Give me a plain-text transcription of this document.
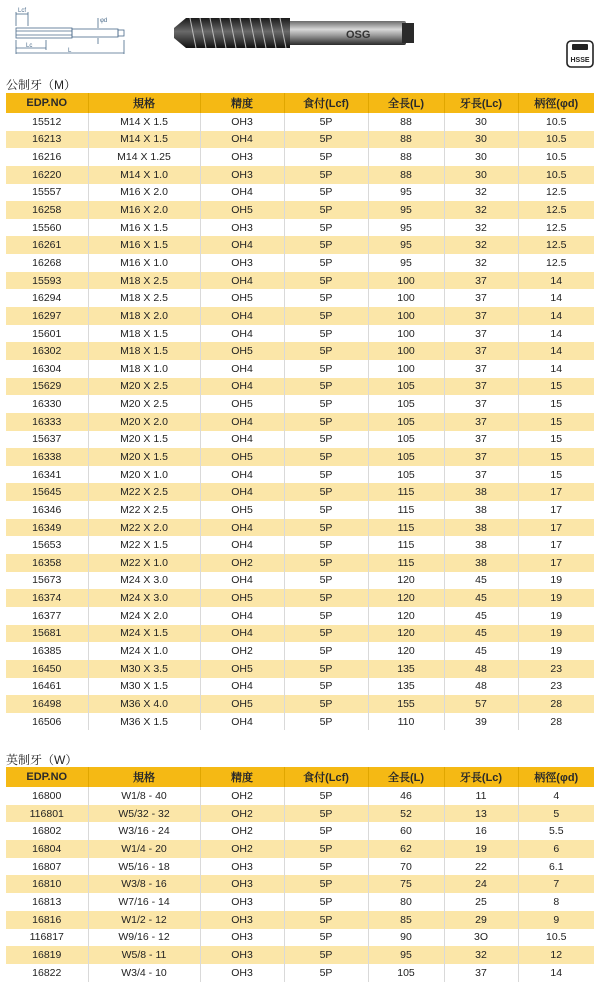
Lcf
φd
Lc
L
OSG
HSSE
公制牙（M）
EDP.NO	規格	精度	食付(Lcf)	全長(L)	牙長(Lc)	柄徑(φd)
15512	M14 X 1.5	OH3	5P	88	30	10.5
16213	M14 X 1.5	OH4	5P	88	30	10.5
16216	M14 X 1.25	OH3	5P	88	30	10.5
16220	M14 X 1.0	OH3	5P	88	30	10.5
15557	M16 X 2.0	OH4	5P	95	32	12.5
16258	M16 X 2.0	OH5	5P	95	32	12.5
15560	M16 X 1.5	OH3	5P	95	32	12.5
16261	M16 X 1.5	OH4	5P	95	32	12.5
16268	M16 X 1.0	OH3	5P	95	32	12.5
15593	M18 X 2.5	OH4	5P	100	37	14
16294	M18 X 2.5	OH5	5P	100	37	14
16297	M18 X 2.0	OH4	5P	100	37	14
15601	M18 X 1.5	OH4	5P	100	37	14
16302	M18 X 1.5	OH5	5P	100	37	14
16304	M18 X 1.0	OH4	5P	100	37	14
15629	M20 X 2.5	OH4	5P	105	37	15
16330	M20 X 2.5	OH5	5P	105	37	15
16333	M20 X 2.0	OH4	5P	105	37	15
15637	M20 X 1.5	OH4	5P	105	37	15
16338	M20 X 1.5	OH5	5P	105	37	15
16341	M20 X 1.0	OH4	5P	105	37	15
15645	M22 X 2.5	OH4	5P	115	38	17
16346	M22 X 2.5	OH5	5P	115	38	17
16349	M22 X 2.0	OH4	5P	115	38	17
15653	M22 X 1.5	OH4	5P	115	38	17
16358	M22 X 1.0	OH2	5P	115	38	17
15673	M24 X 3.0	OH4	5P	120	45	19
16374	M24 X 3.0	OH5	5P	120	45	19
16377	M24 X 2.0	OH4	5P	120	45	19
15681	M24 X 1.5	OH4	5P	120	45	19
16385	M24 X 1.0	OH2	5P	120	45	19
16450	M30 X 3.5	OH5	5P	135	48	23
16461	M30 X 1.5	OH4	5P	135	48	23
16498	M36 X 4.0	OH5	5P	155	57	28
16506	M36 X 1.5	OH4	5P	110	39	28
英制牙（W）
EDP.NO	規格	精度	食付(Lcf)	全長(L)	牙長(Lc)	柄徑(φd)
16800	W1/8 - 40	OH2	5P	46	11	4
116801	W5/32 - 32	OH2	5P	52	13	5
16802	W3/16 - 24	OH2	5P	60	16	5.5
16804	W1/4 - 20	OH2	5P	62	19	6
16807	W5/16 - 18	OH3	5P	70	22	6.1
16810	W3/8 - 16	OH3	5P	75	24	7
16813	W7/16 - 14	OH3	5P	80	25	8
16816	W1/2 - 12	OH3	5P	85	29	9
116817	W9/16 - 12	OH3	5P	90	3O	10.5
16819	W5/8 - 11	OH3	5P	95	32	12
16822	W3/4 - 10	OH3	5P	105	37	14
